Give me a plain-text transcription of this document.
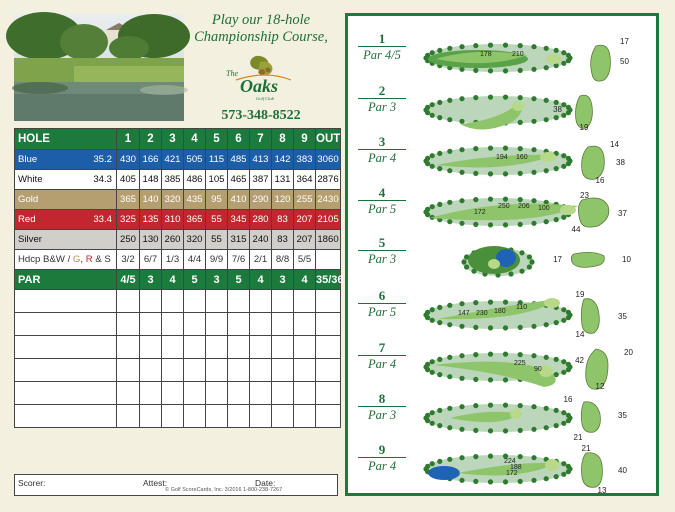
Play our 18-hole Championship Course,
The
Oaks
Golf Club
573-348-8522
HOLE	1	2	3	4	5	6	7	8	9	OUT
Blue 35.2	430	166	421	505	115	485	413	142	383	3060
White 34.3	405	148	385	486	105	465	387	131	364	2876
Gold	365	140	320	435	95	410	290	120	255	2430
Red 33.4	325	135	310	365	55	345	280	83	207	2105
Silver	250	130	260	320	55	315	240	83	207	1860
Hdcp B&W / G, R & S	3/2	6/7	1/3	4/4	9/9	7/6	2/1	8/8	5/5	
PAR	4/5	3	4	5	3	5	4	3	4	35/36

Scorer:	Attest:	Date:
© Golf ScoreCards, Inc. 3/2016 1-800-238-7267
178	210
17
50
1
Par 4/5
38
19
2
Par 3
194 160
14
38
16
3
Par 4
172
250 206 100
23
37
44
4
Par 5
17	10
5
Par 3
147 230 180
110
19
35
14
6
Par 5
225
90
42
20
12
7
Par 4
16
35
21
8
Par 3
224
188
172
21
40
13
9
Par 4
